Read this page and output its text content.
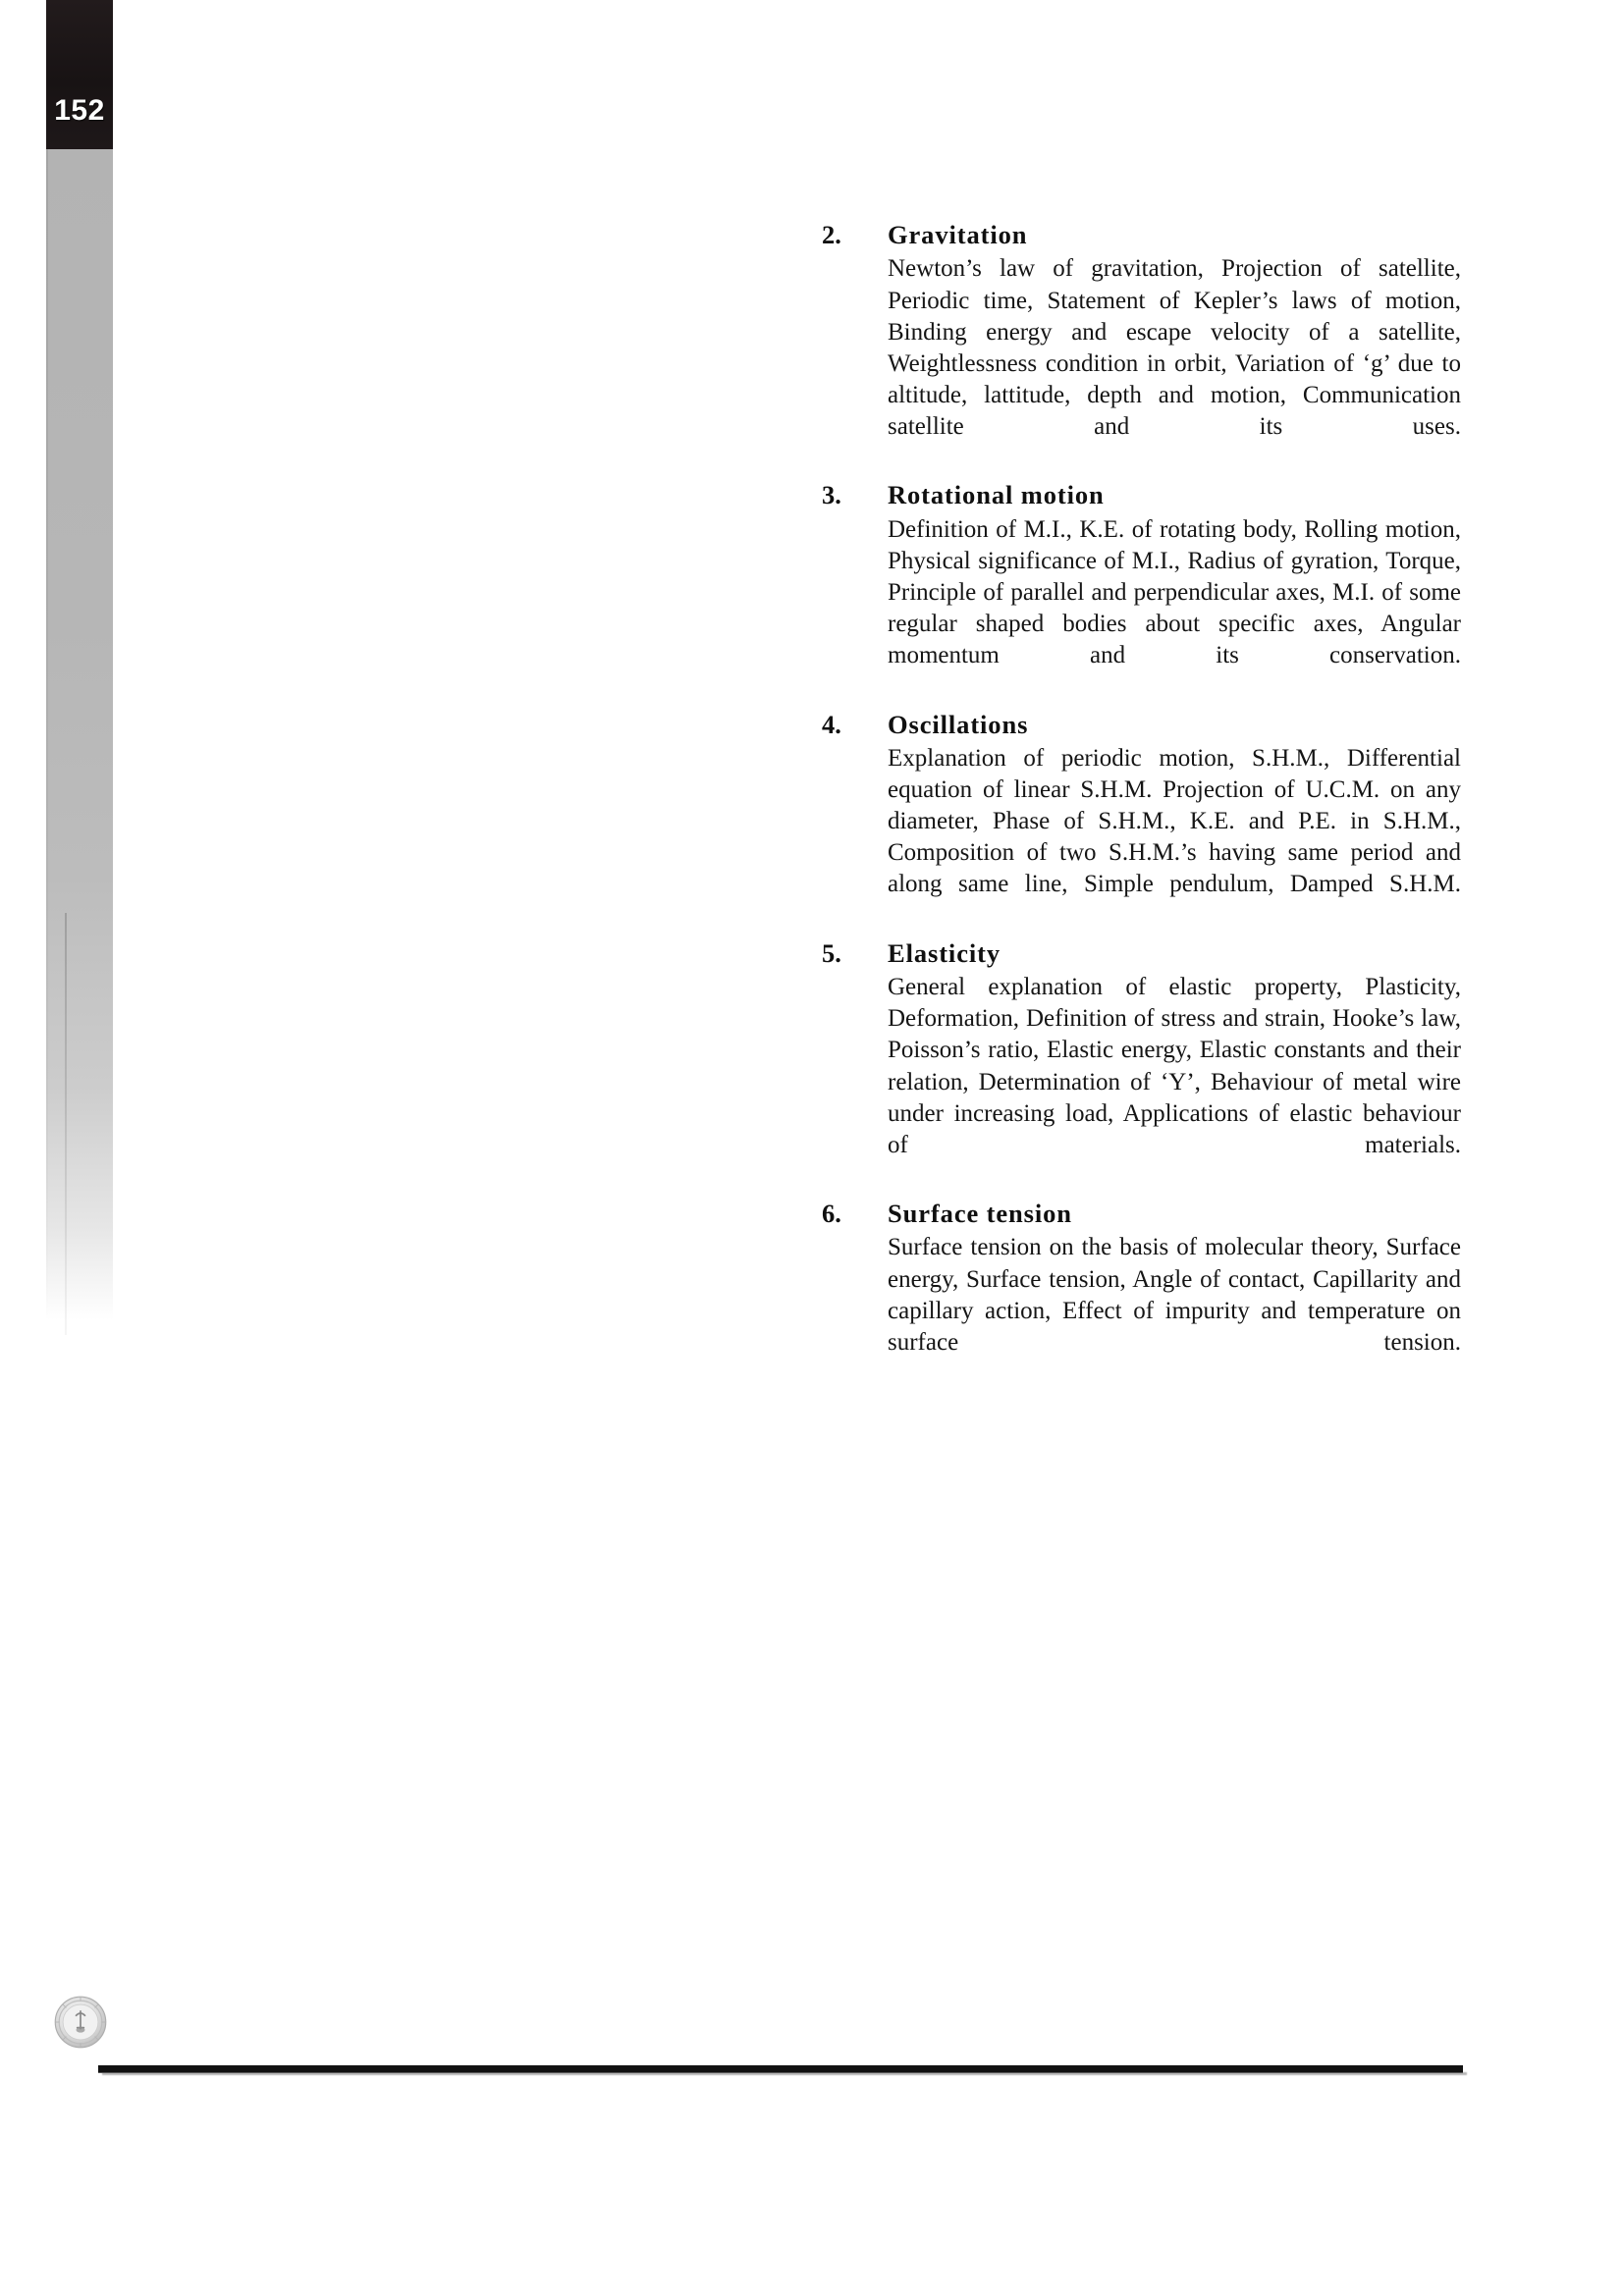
152
2. Gravitation
Newton’s law of gravitation, Projection of satellite, Periodic time, Statement of Kepler’s laws of motion, Binding energy and escape velocity of a satellite, Weightlessness condition in orbit, Variation of ‘g’ due to altitude, lattitude, depth and motion, Communication satellite and its uses.
3. Rotational motion
Definition of M.I., K.E. of rotating body, Rolling motion, Physical significance of M.I., Radius of gyration, Torque, Principle of parallel and perpendicular axes, M.I. of some regular shaped bodies about specific axes, Angular momentum and its conservation.
4. Oscillations
Explanation of periodic motion, S.H.M., Differential equation of linear S.H.M. Projection of U.C.M. on any diameter, Phase of S.H.M., K.E. and P.E. in S.H.M., Composition of two S.H.M.’s having same period and along same line, Simple pendulum, Damped S.H.M.
5. Elasticity
General explanation of elastic property, Plasticity, Deformation, Definition of stress and strain, Hooke’s law, Poisson’s ratio, Elastic energy, Elastic constants and their relation, Determination of ‘Y’, Behaviour of metal wire under increasing load, Applications of elastic behaviour of materials.
6. Surface tension
Surface tension on the basis of molecular theory, Surface energy, Surface tension, Angle of contact, Capillarity and capillary action, Effect of impurity and temperature on surface tension.
